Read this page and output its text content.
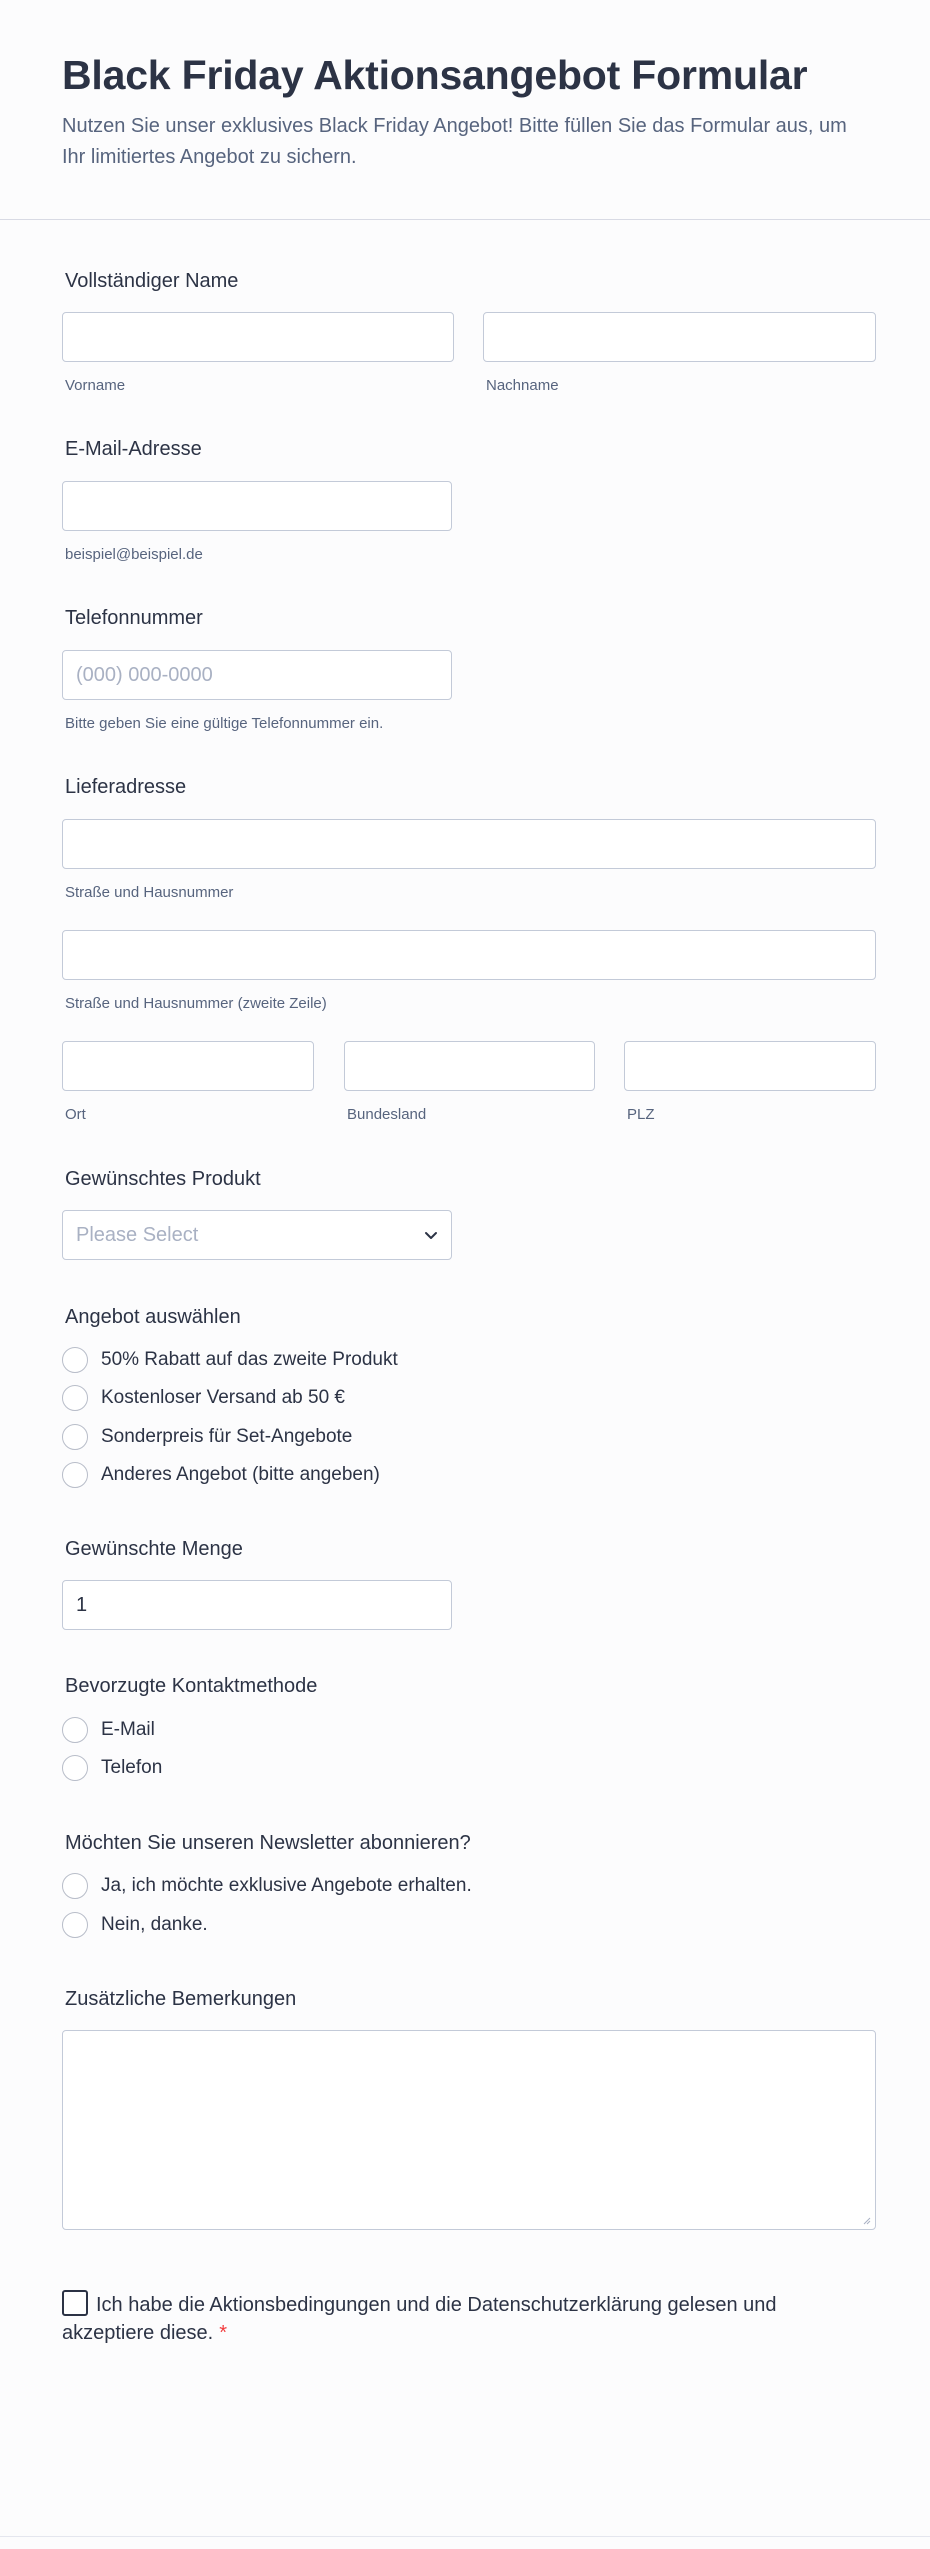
Black Friday Aktionsangebot Formular

Nutzen Sie unser exklusives Black Friday Angebot! Bitte füllen Sie das Formular aus, um Ihr limitiertes Angebot zu sichern.

Vollständiger Name
Vorname	Nachname
E-Mail-Adresse
beispiel@beispiel.de
Telefonnummer
(000) 000-0000
Bitte geben Sie eine gültige Telefonnummer ein.
Lieferadresse
Straße und Hausnummer
Straße und Hausnummer (zweite Zeile)
Ort	Bundesland	PLZ
Gewünschtes Produkt
Please Select
Angebot auswählen
50% Rabatt auf das zweite Produkt
Kostenloser Versand ab 50 €
Sonderpreis für Set-Angebote
Anderes Angebot (bitte angeben)
Gewünschte Menge
1
Bevorzugte Kontaktmethode
E-Mail
Telefon
Möchten Sie unseren Newsletter abonnieren?
Ja, ich möchte exklusive Angebote erhalten.
Nein, danke.
Zusätzliche Bemerkungen
Ich habe die Aktionsbedingungen und die Datenschutzerklärung gelesen und akzeptiere diese. *
